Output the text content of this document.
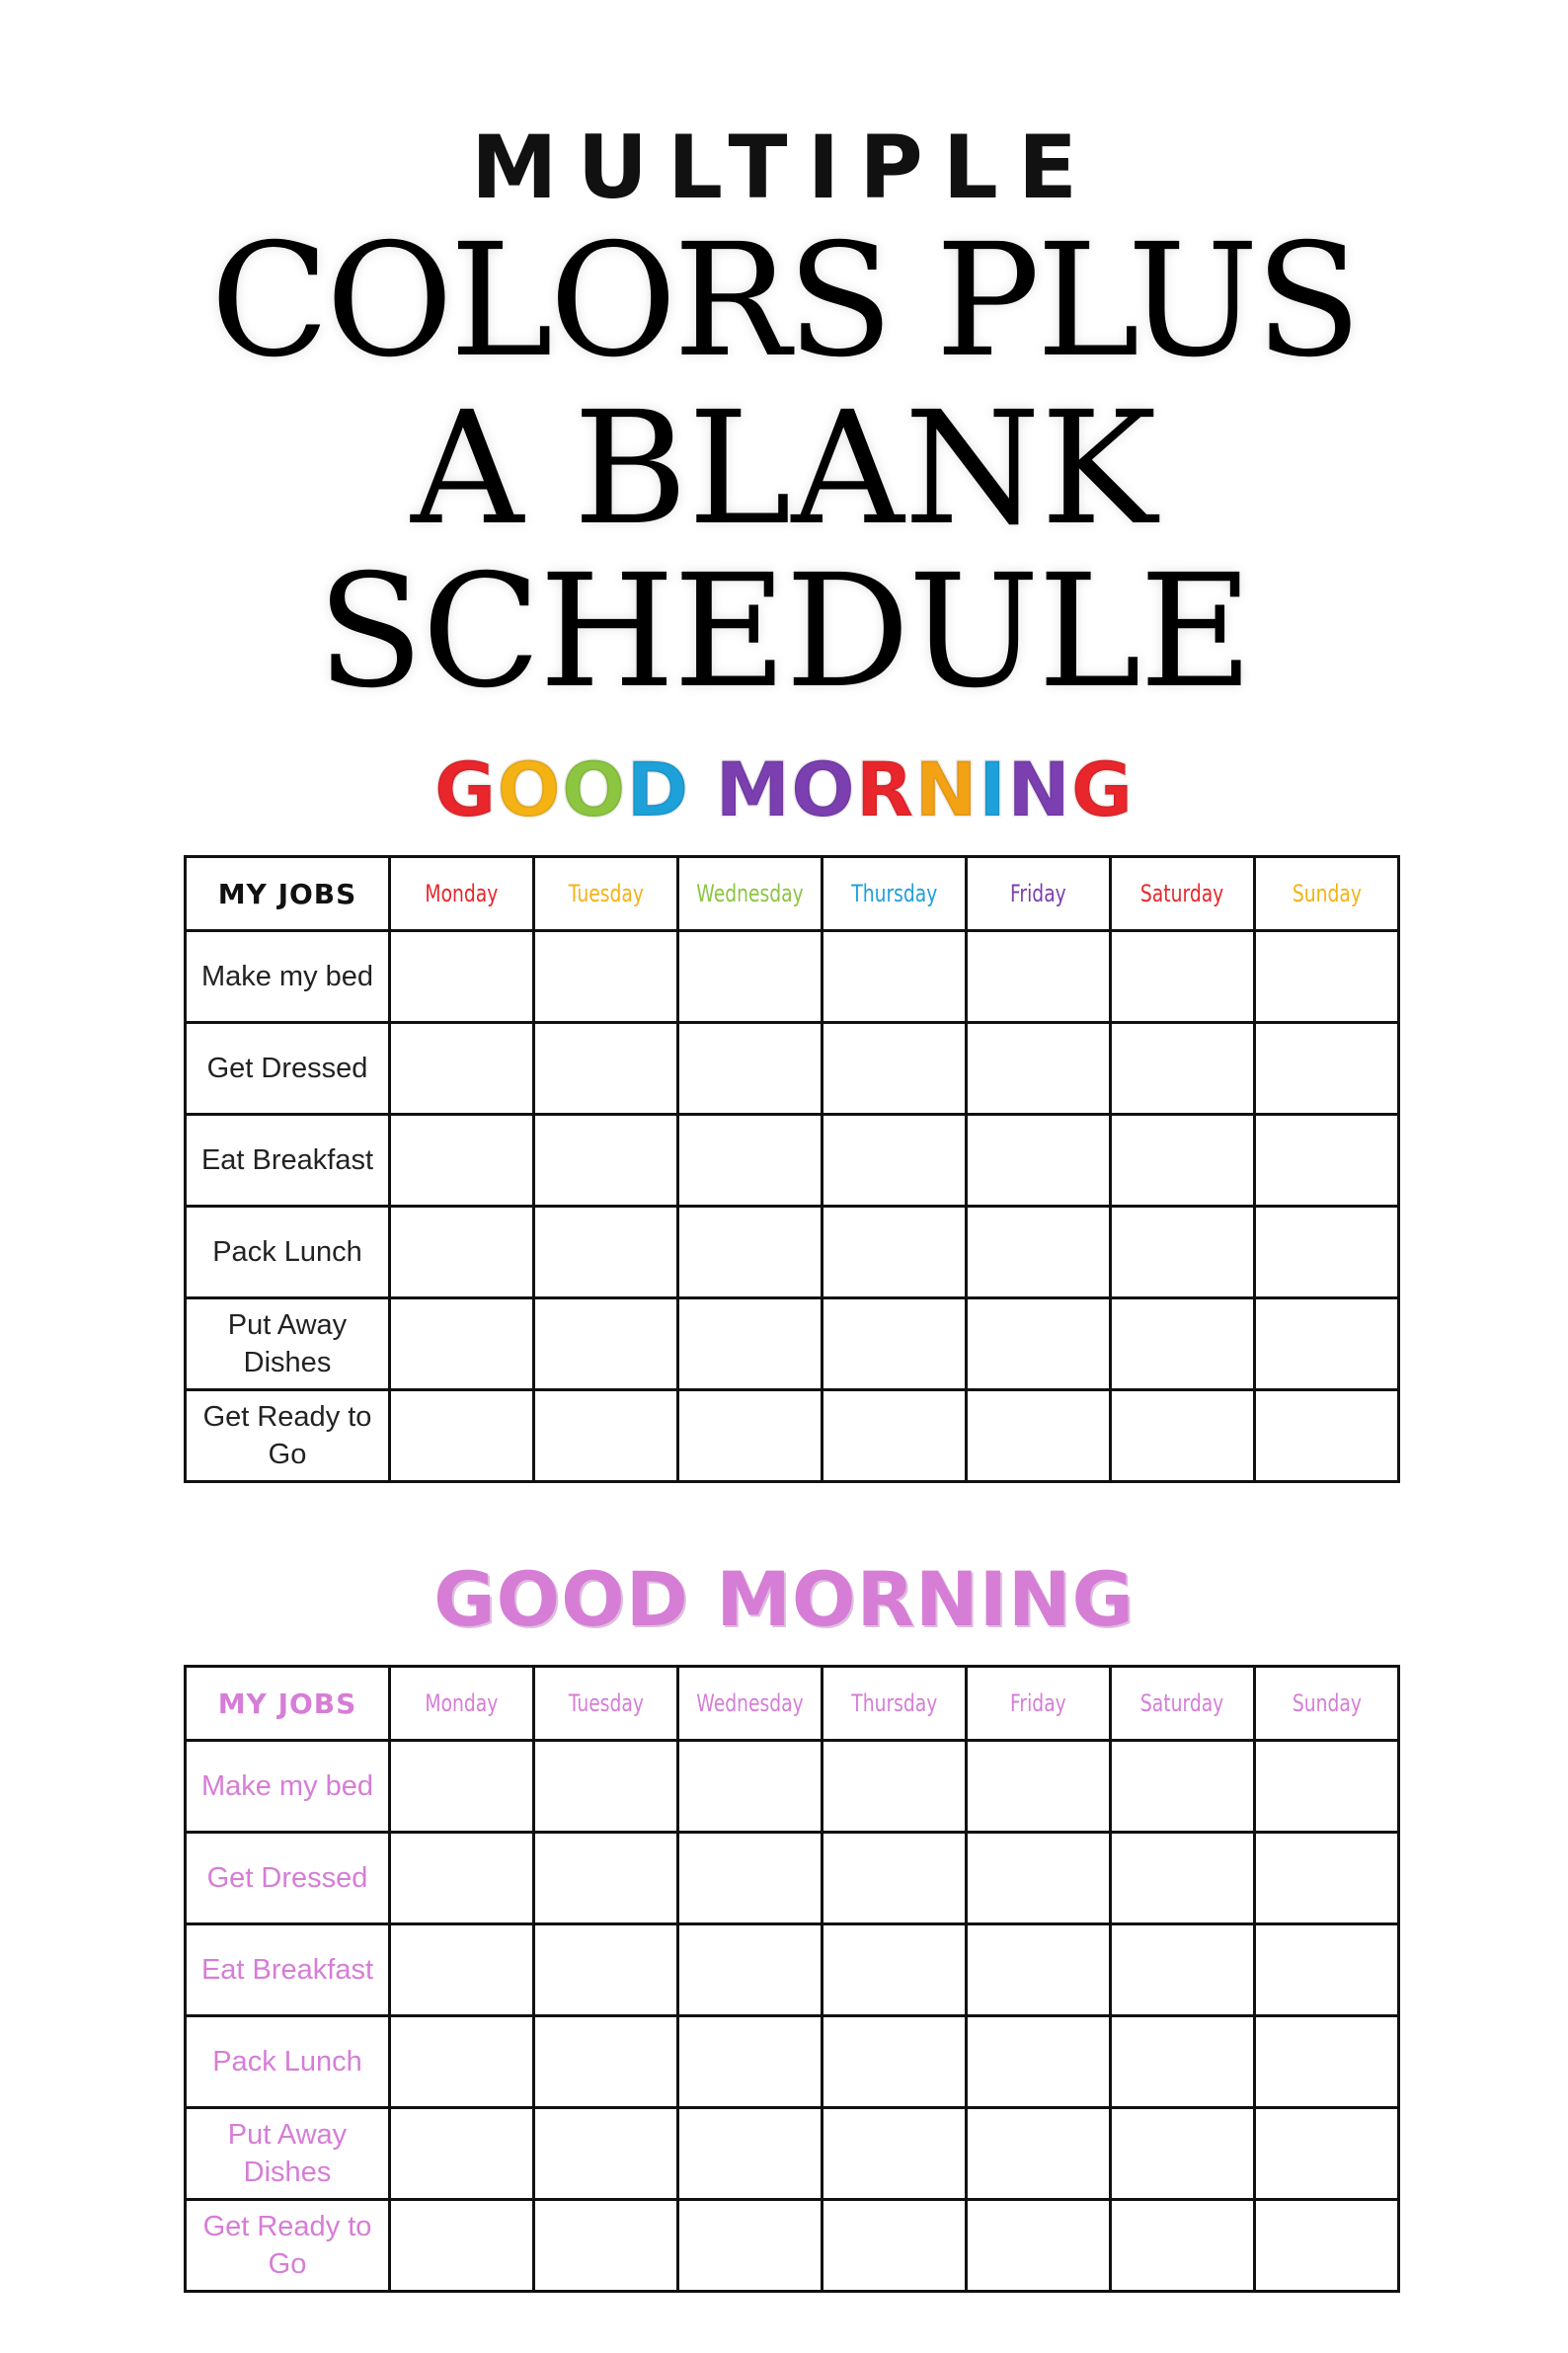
MULTIPLE
COLORS PLUS
A BLANK
SCHEDULE
GOOD MORNING
GOOD MORNING
MY JOBS	Monday	Tuesday	Wednesday	Thursday	Friday	Saturday	Sunday

Make my bed							

Get Dressed							

Eat Breakfast							

Pack Lunch							

Put Away Dishes							

Get Ready to Go							

MY JOBS	Monday	Tuesday	Wednesday	Thursday	Friday	Saturday	Sunday

Make my bed							

Get Dressed							

Eat Breakfast							

Pack Lunch							

Put Away Dishes							

Get Ready to Go							
